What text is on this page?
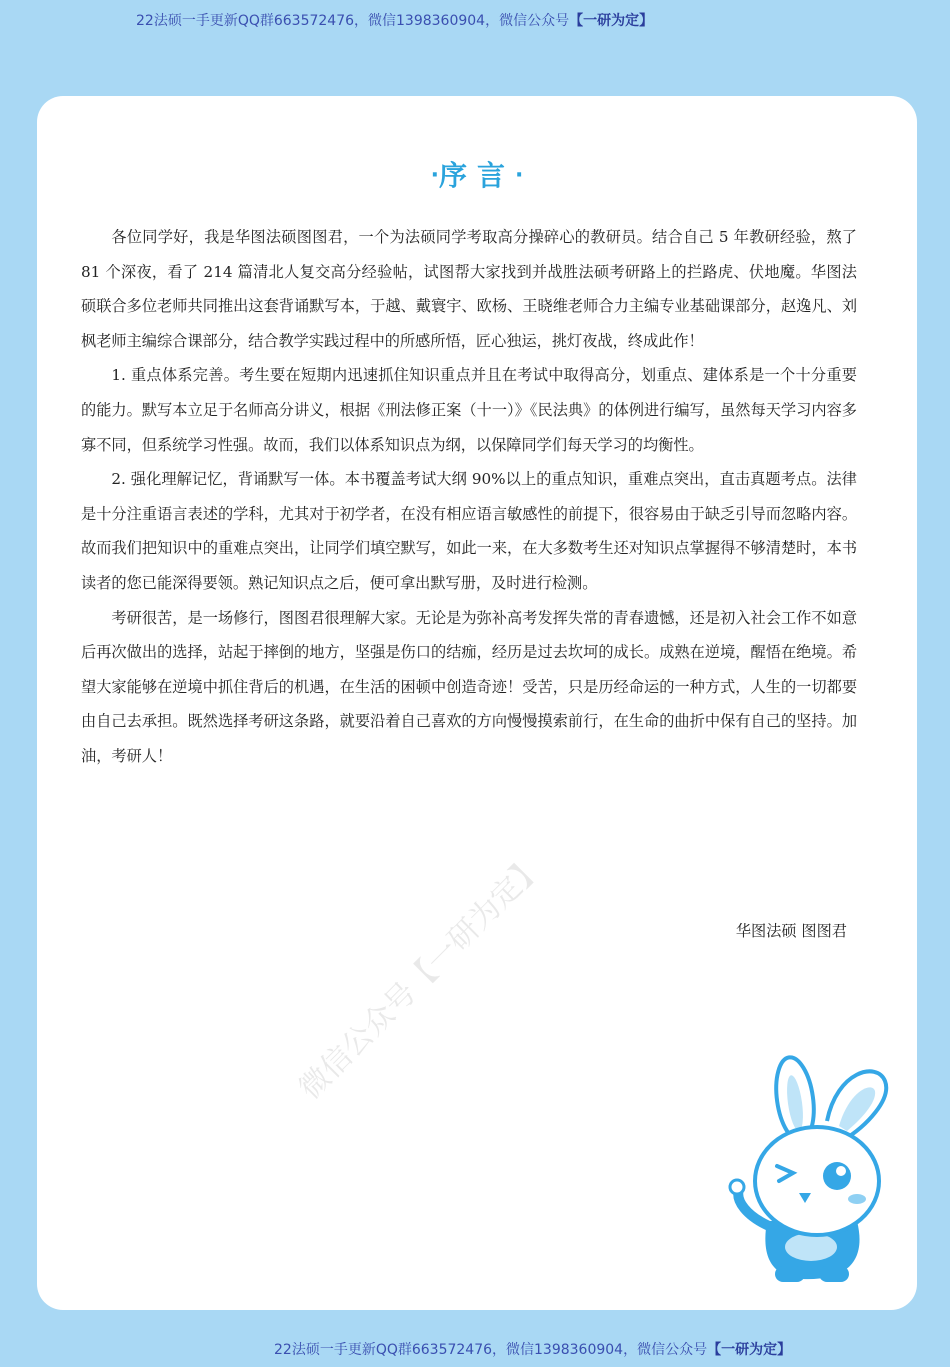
22法硕一手更新QQ群663572476，微信1398360904，微信公众号【一研为定】
·序言·

各位同学好，我是华图法硕图图君，一个为法硕同学考取高分操碎心的教研员。结合自己 5 年教研经验，熬了 81 个深夜，看了 214 篇清北人复交高分经验帖，试图帮大家找到并战胜法硕考研路上的拦路虎、伏地魔。华图法硕联合多位老师共同推出这套背诵默写本，于越、戴寰宇、欧杨、王晓维老师合力主编专业基础课部分，赵逸凡、刘枫老师主编综合课部分，结合教学实践过程中的所感所悟，匠心独运，挑灯夜战，终成此作！

1. 重点体系完善。考生要在短期内迅速抓住知识重点并且在考试中取得高分，划重点、建体系是一个十分重要的能力。默写本立足于名师高分讲义，根据《刑法修正案（十一）》《民法典》的体例进行编写，虽然每天学习内容多寡不同，但系统学习性强。故而，我们以体系知识点为纲，以保障同学们每天学习的均衡性。

2. 强化理解记忆，背诵默写一体。本书覆盖考试大纲 90%以上的重点知识，重难点突出，直击真题考点。法律是十分注重语言表述的学科，尤其对于初学者，在没有相应语言敏感性的前提下，很容易由于缺乏引导而忽略内容。故而我们把知识中的重难点突出，让同学们填空默写，如此一来，在大多数考生还对知识点掌握得不够清楚时，本书读者的您已能深得要领。熟记知识点之后，便可拿出默写册，及时进行检测。

考研很苦，是一场修行，图图君很理解大家。无论是为弥补高考发挥失常的青春遗憾，还是初入社会工作不如意后再次做出的选择，站起于摔倒的地方，坚强是伤口的结痂，经历是过去坎坷的成长。成熟在逆境，醒悟在绝境。希望大家能够在逆境中抓住背后的机遇，在生活的困顿中创造奇迹！受苦，只是历经命运的一种方式，人生的一切都要由自己去承担。既然选择考研这条路，就要沿着自己喜欢的方向慢慢摸索前行，在生命的曲折中保有自己的坚持。加油，考研人！

华图法硕 图图君
微信公众号【一研为定】
22法硕一手更新QQ群663572476，微信1398360904，微信公众号【一研为定】
